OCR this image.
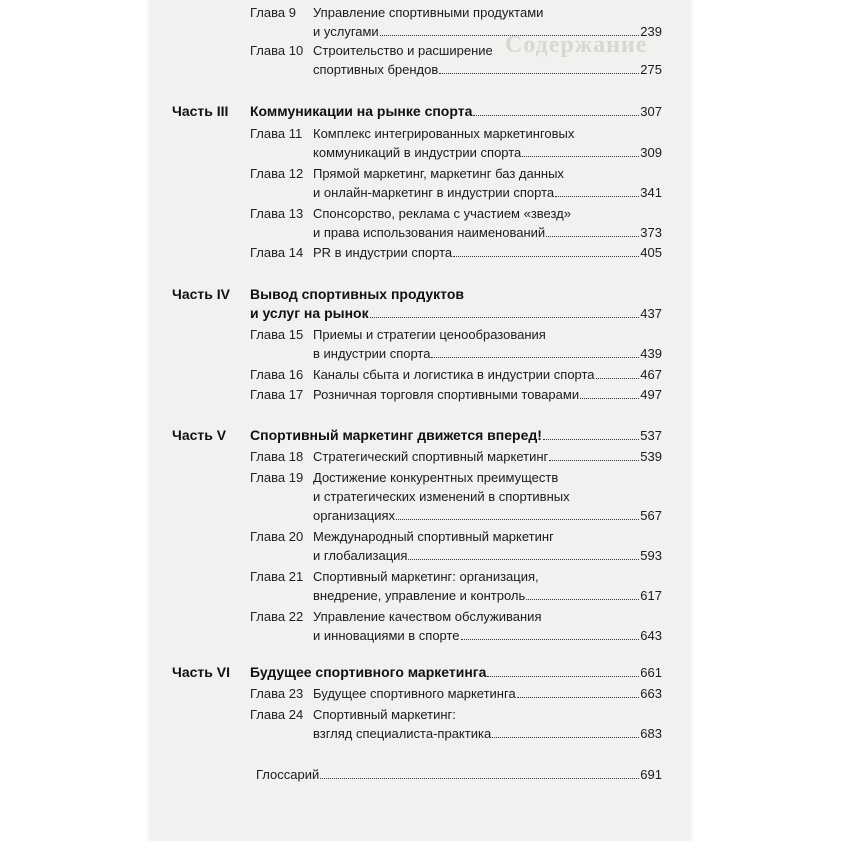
Содержание
Глава 9 Управление спортивными продуктами
и услугами	239
Глава 10 Строительство и расширение
спортивных брендов	275
Часть III Коммуникации на рынке спорта	307
Глава 11 Комплекс интегрированных маркетинговых
коммуникаций в индустрии спорта	309
Глава 12 Прямой маркетинг, маркетинг баз данных
и онлайн-маркетинг в индустрии спорта	341
Глава 13 Спонсорство, реклама с участием «звезд»
и права использования наименований	373
Глава 14 PR в индустрии спорта	405
Часть IV Вывод спортивных продуктов
и услуг на рынок	437
Глава 15 Приемы и стратегии ценообразования
в индустрии спорта	439
Глава 16 Каналы сбыта и логистика в индустрии спорта	467
Глава 17 Розничная торговля спортивными товарами	497
Часть V Спортивный маркетинг движется вперед!	537
Глава 18 Стратегический спортивный маркетинг	539
Глава 19 Достижение конкурентных преимуществ
и стратегических изменений в спортивных
организациях	567
Глава 20 Международный спортивный маркетинг
и глобализация	593
Глава 21 Спортивный маркетинг: организация,
внедрение, управление и контроль	617
Глава 22 Управление качеством обслуживания
и инновациями в спорте	643
Часть VI Будущее спортивного маркетинга	661
Глава 23 Будущее спортивного маркетинга	663
Глава 24 Спортивный маркетинг:
взгляд специалиста-практика	683
Глоссарий	691
